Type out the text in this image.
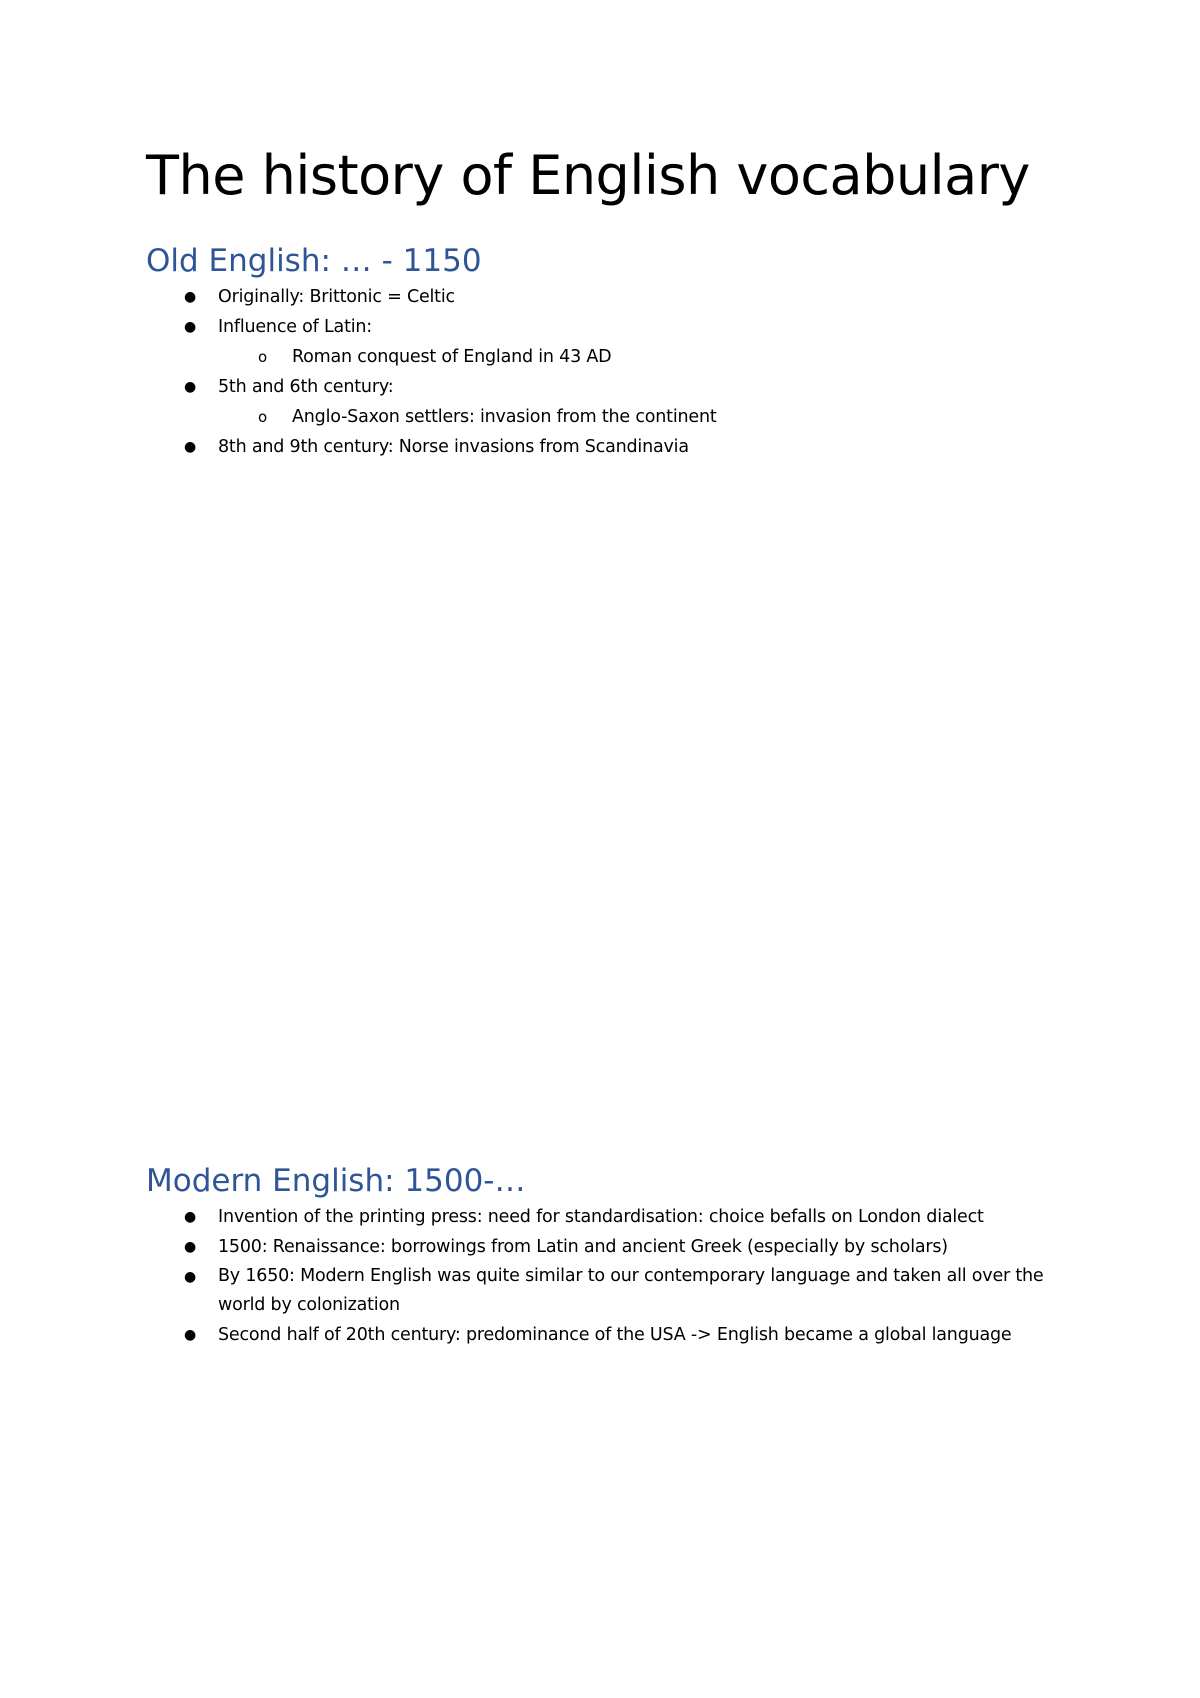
The history of English vocabulary
Old English: … - 1150
● Originally: Brittonic = Celtic
● Influence of Latin:
o Roman conquest of England in 43 AD
● 5th and 6th century:
o Anglo-Saxon settlers: invasion from the continent
● 8th and 9th century: Norse invasions from Scandinavia
Modern English: 1500-…
● Invention of the printing press: need for standardisation: choice befalls on London dialect
● 1500: Renaissance: borrowings from Latin and ancient Greek (especially by scholars)
● By 1650: Modern English was quite similar to our contemporary language and taken all over the world by colonization
● Second half of 20th century: predominance of the USA -> English became a global language
